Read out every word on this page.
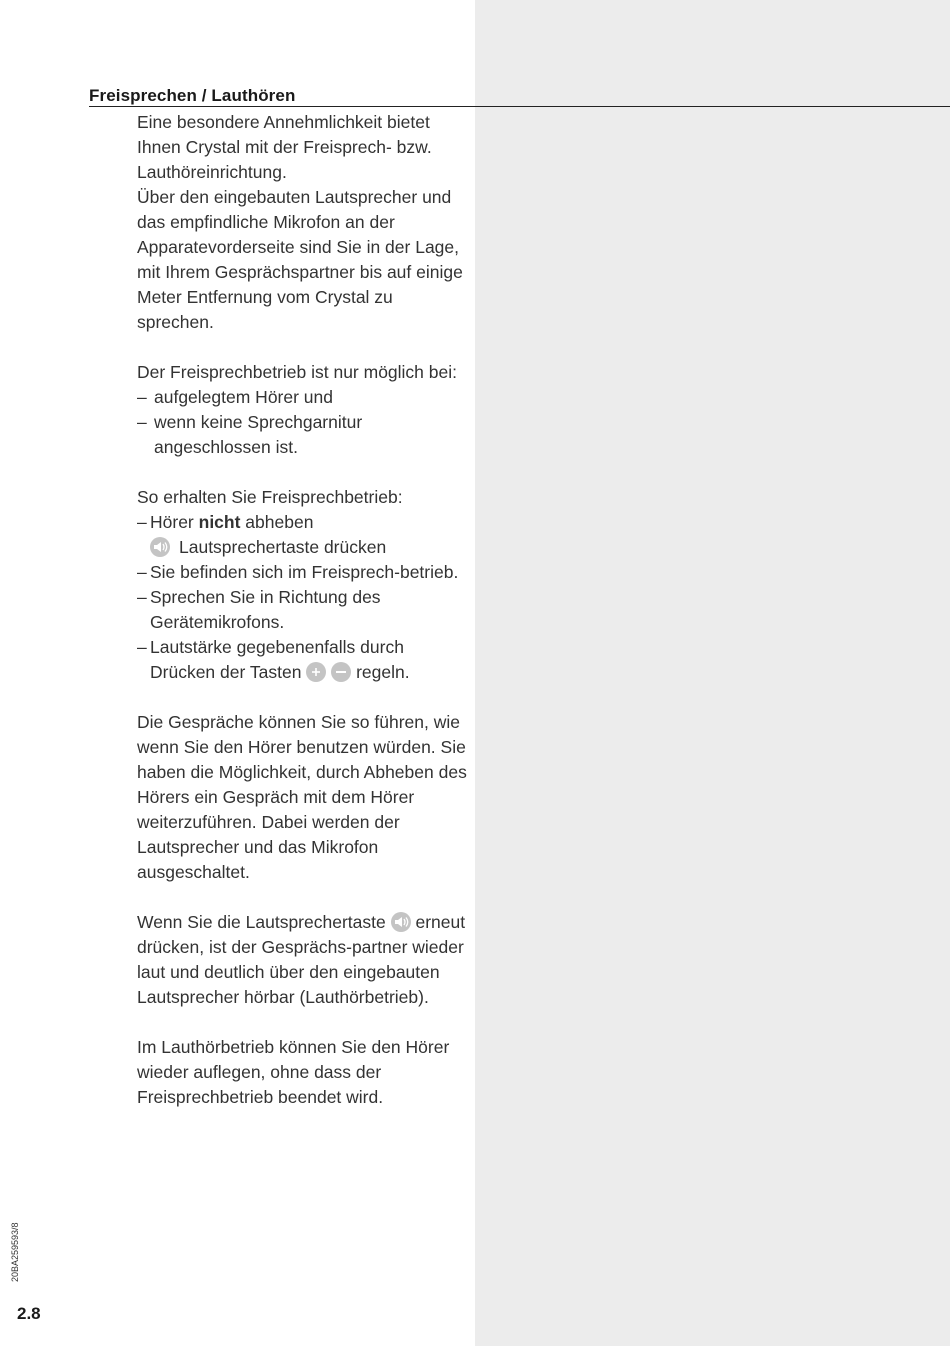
Freisprechen / Lauthören

Eine besondere Annehmlichkeit bietet Ihnen Crystal mit der Freisprech- bzw. Lauthöreinrichtung.

Über den eingebauten Lautsprecher und das empfindliche Mikrofon an der Apparatevorderseite sind Sie in der Lage, mit Ihrem Gesprächspartner bis auf einige Meter Entfernung vom Crystal zu sprechen.

Der Freisprechbetrieb ist nur möglich bei:

– aufgelegtem Hörer und
– wenn keine Sprechgarnitur angeschlossen ist.

So erhalten Sie Freisprechbetrieb:

– Hörer nicht abheben
Lautsprechertaste drücken
– Sie befinden sich im Freisprech-betrieb.
– Sprechen Sie in Richtung des Gerätemikrofons.
– Lautstärke gegebenenfalls durch Drücken der Tasten
	regeln.

Die Gespräche können Sie so führen, wie wenn Sie den Hörer benutzen würden. Sie haben die Möglichkeit, durch Abheben des Hörers ein Gespräch mit dem Hörer weiterzuführen. Dabei werden der Lautsprecher und das Mikrofon ausgeschaltet.

Wenn Sie die Lautsprechertaste erneut drücken, ist der Gesprächs-partner wieder laut und deutlich über den eingebauten Lautsprecher hörbar (Lauthörbetrieb).

Im Lauthörbetrieb können Sie den Hörer wieder auflegen, ohne dass der Freisprechbetrieb beendet wird.

20BA259593/8
2.8
